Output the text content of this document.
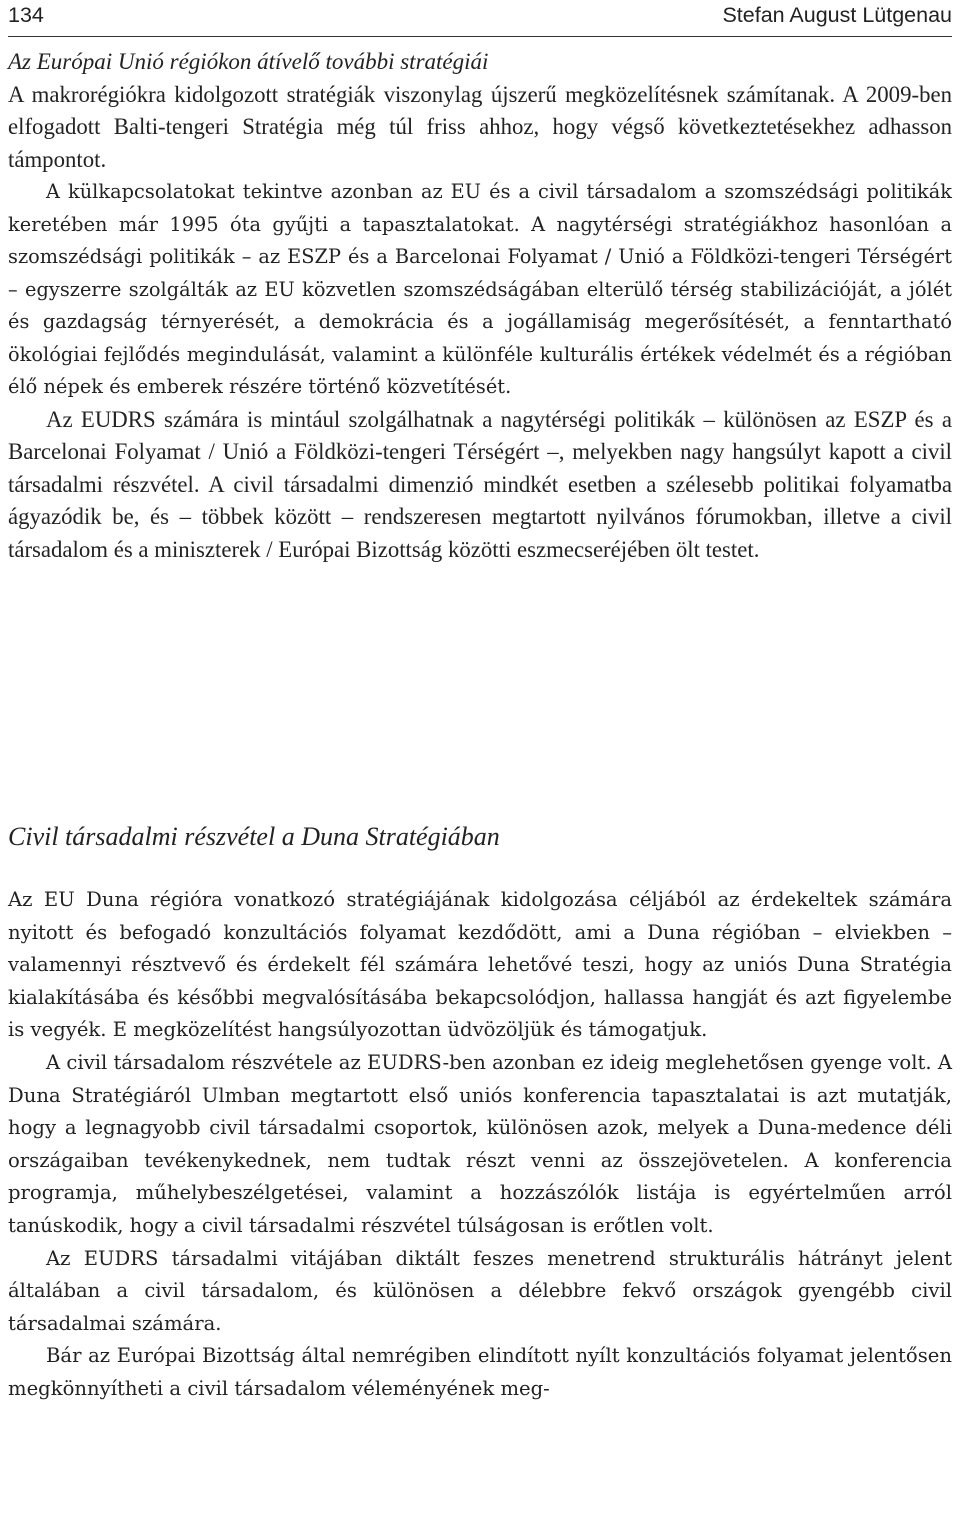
134	Stefan August Lütgenau

Az Európai Unió régiókon átívelő további stratégiái

A makrorégiókra kidolgozott stratégiák viszonylag újszerű megközelítésnek számítanak. A 2009-ben elfogadott Balti-tengeri Stratégia még túl friss ahhoz, hogy végső következtetésekhez adhasson támpontot.

A külkapcsolatokat tekintve azonban az EU és a civil társadalom a szomszédsági politikák keretében már 1995 óta gyűjti a tapasztalatokat. A nagytérségi stratégiákhoz hasonlóan a szomszédsági politikák – az ESZP és a Barcelonai Folyamat / Unió a Földközi-tengeri Térségért – egyszerre szolgálták az EU közvetlen szomszédságában elterülő térség stabilizációját, a jólét és gazdagság térnyerését, a demokrácia és a jogállamiság megerősítését, a fenntartható ökológiai fejlődés megindulását, valamint a különféle kulturális értékek védelmét és a régióban élő népek és emberek részére történő közvetítését.

Az EUDRS számára is mintául szolgálhatnak a nagytérségi politikák – különösen az ESZP és a Barcelonai Folyamat / Unió a Földközi-tengeri Térségért –, melyekben nagy hangsúlyt kapott a civil társadalmi részvétel. A civil társadalmi dimenzió mindkét esetben a szélesebb politikai folyamatba ágyazódik be, és – többek között – rendszeresen megtartott nyilvános fórumokban, illetve a civil társadalom és a miniszterek / Európai Bizottság közötti eszmecseréjében ölt testet.

Civil társadalmi részvétel a Duna Stratégiában

Az EU Duna régióra vonatkozó stratégiájának kidolgozása céljából az érdekeltek számára nyitott és befogadó konzultációs folyamat kezdődött, ami a Duna régióban – elviekben – valamennyi résztvevő és érdekelt fél számára lehetővé teszi, hogy az uniós Duna Stratégia kialakításába és későbbi megvalósításába bekapcsolódjon, hallassa hangját és azt figyelembe is vegyék. E megközelítést hangsúlyozottan üdvözöljük és támogatjuk.

A civil társadalom részvétele az EUDRS-ben azonban ez ideig meglehetősen gyenge volt. A Duna Stratégiáról Ulmban megtartott első uniós konferencia tapasztalatai is azt mutatják, hogy a legnagyobb civil társadalmi csoportok, különösen azok, melyek a Duna-medence déli országaiban tevékenykednek, nem tudtak részt venni az összejövetelen. A konferencia programja, műhelybeszélgetései, valamint a hozzászólók listája is egyértelműen arról tanúskodik, hogy a civil társadalmi részvétel túlságosan is erőtlen volt.

Az EUDRS társadalmi vitájában diktált feszes menetrend strukturális hátrányt jelent általában a civil társadalom, és különösen a délebbre fekvő országok gyengébb civil társadalmai számára.

Bár az Európai Bizottság által nemrégiben elindított nyílt konzultációs folyamat jelentősen megkönnyítheti a civil társadalom véleményének meg-
